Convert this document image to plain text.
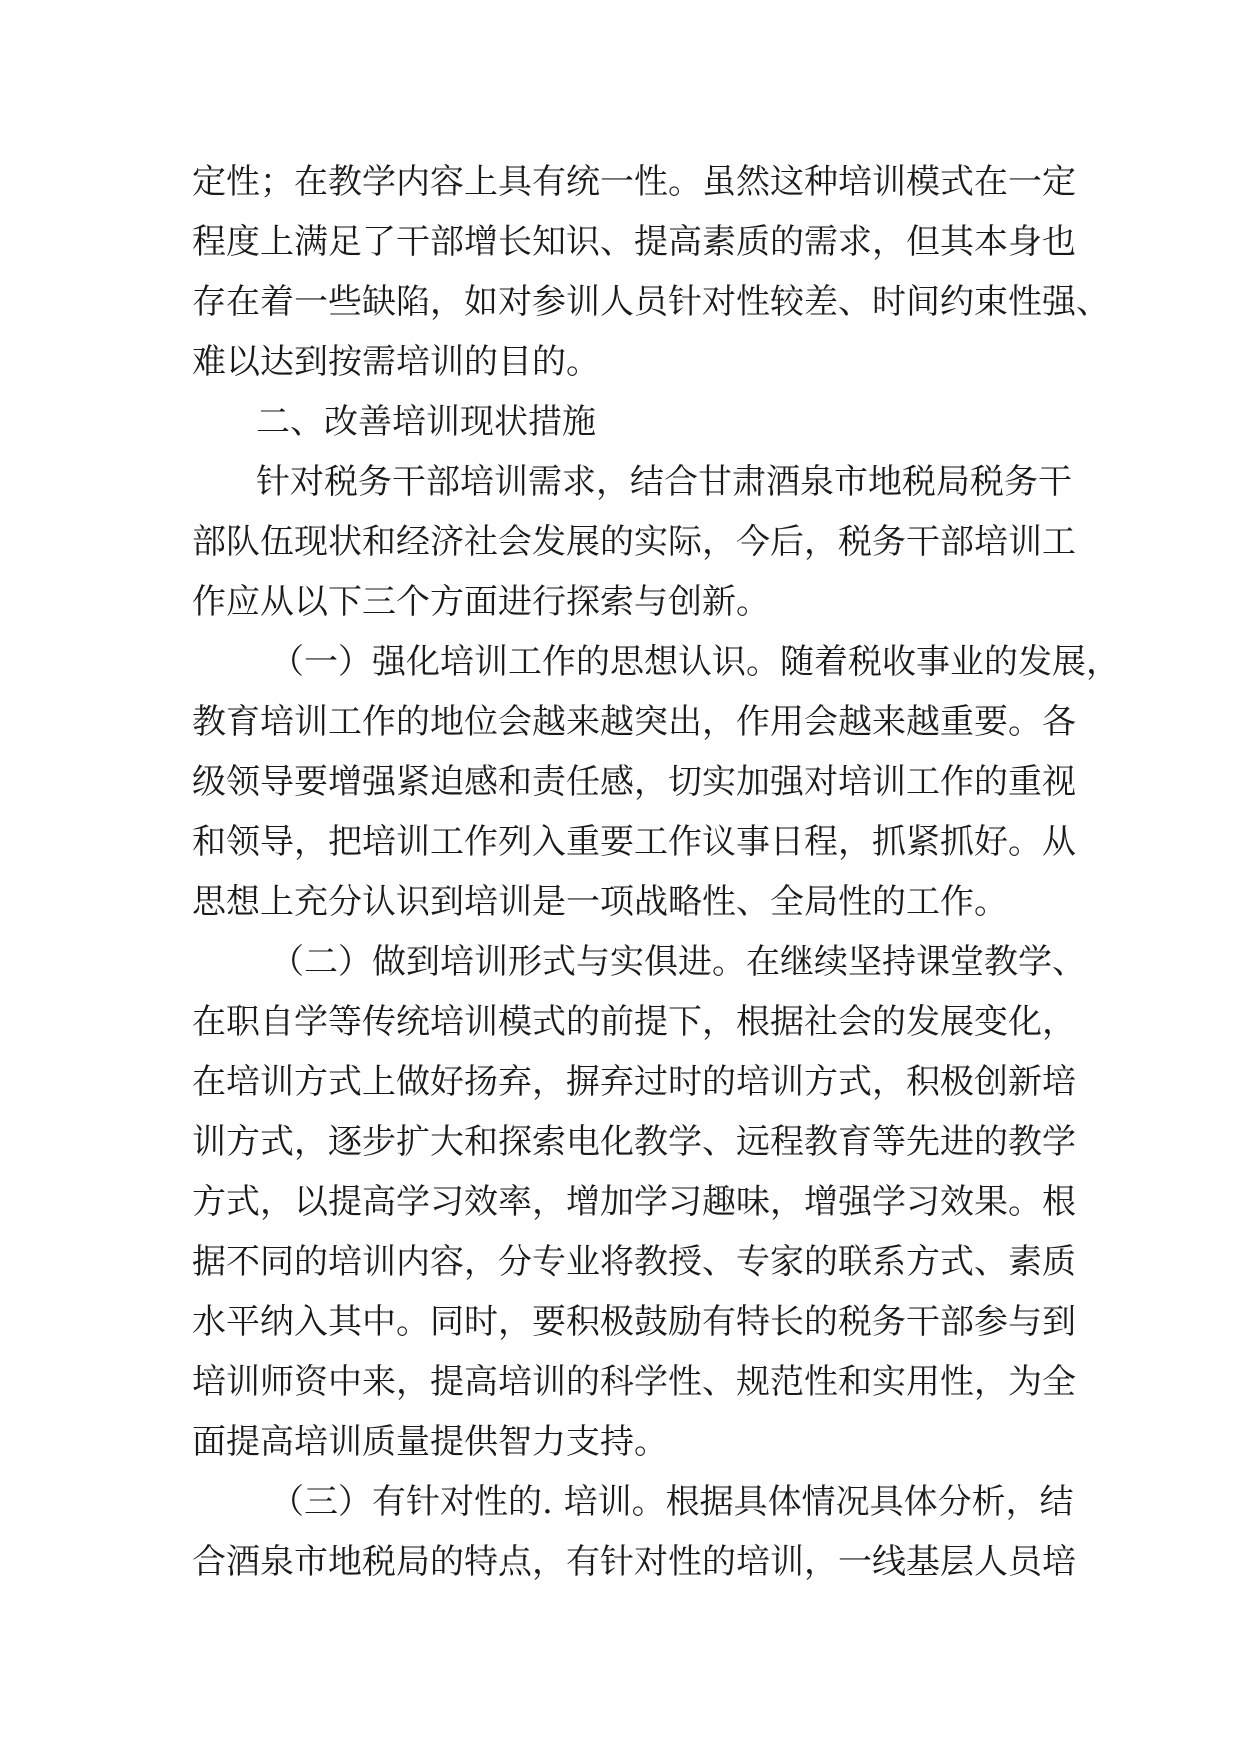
定性；在教学内容上具有统一性。虽然这种培训模式在一定
程度上满足了干部增长知识、提高素质的需求，但其本身也
存在着一些缺陷，如对参训人员针对性较差、时间约束性强、
难以达到按需培训的目的。
二、改善培训现状措施
针对税务干部培训需求，结合甘肃酒泉市地税局税务干
部队伍现状和经济社会发展的实际，今后，税务干部培训工
作应从以下三个方面进行探索与创新。
（一）强化培训工作的思想认识。随着税收事业的发展，
教育培训工作的地位会越来越突出，作用会越来越重要。各
级领导要增强紧迫感和责任感，切实加强对培训工作的重视
和领导，把培训工作列入重要工作议事日程，抓紧抓好。从
思想上充分认识到培训是一项战略性、全局性的工作。
（二）做到培训形式与实俱进。在继续坚持课堂教学、
在职自学等传统培训模式的前提下，根据社会的发展变化，
在培训方式上做好扬弃，摒弃过时的培训方式，积极创新培
训方式，逐步扩大和探索电化教学、远程教育等先进的教学
方式，以提高学习效率，增加学习趣味，增强学习效果。根
据不同的培训内容，分专业将教授、专家的联系方式、素质
水平纳入其中。同时，要积极鼓励有特长的税务干部参与到
培训师资中来，提高培训的科学性、规范性和实用性，为全
面提高培训质量提供智力支持。
（三）有针对性的. 培训。根据具体情况具体分析，结
合酒泉市地税局的特点，有针对性的培训，一线基层人员培
